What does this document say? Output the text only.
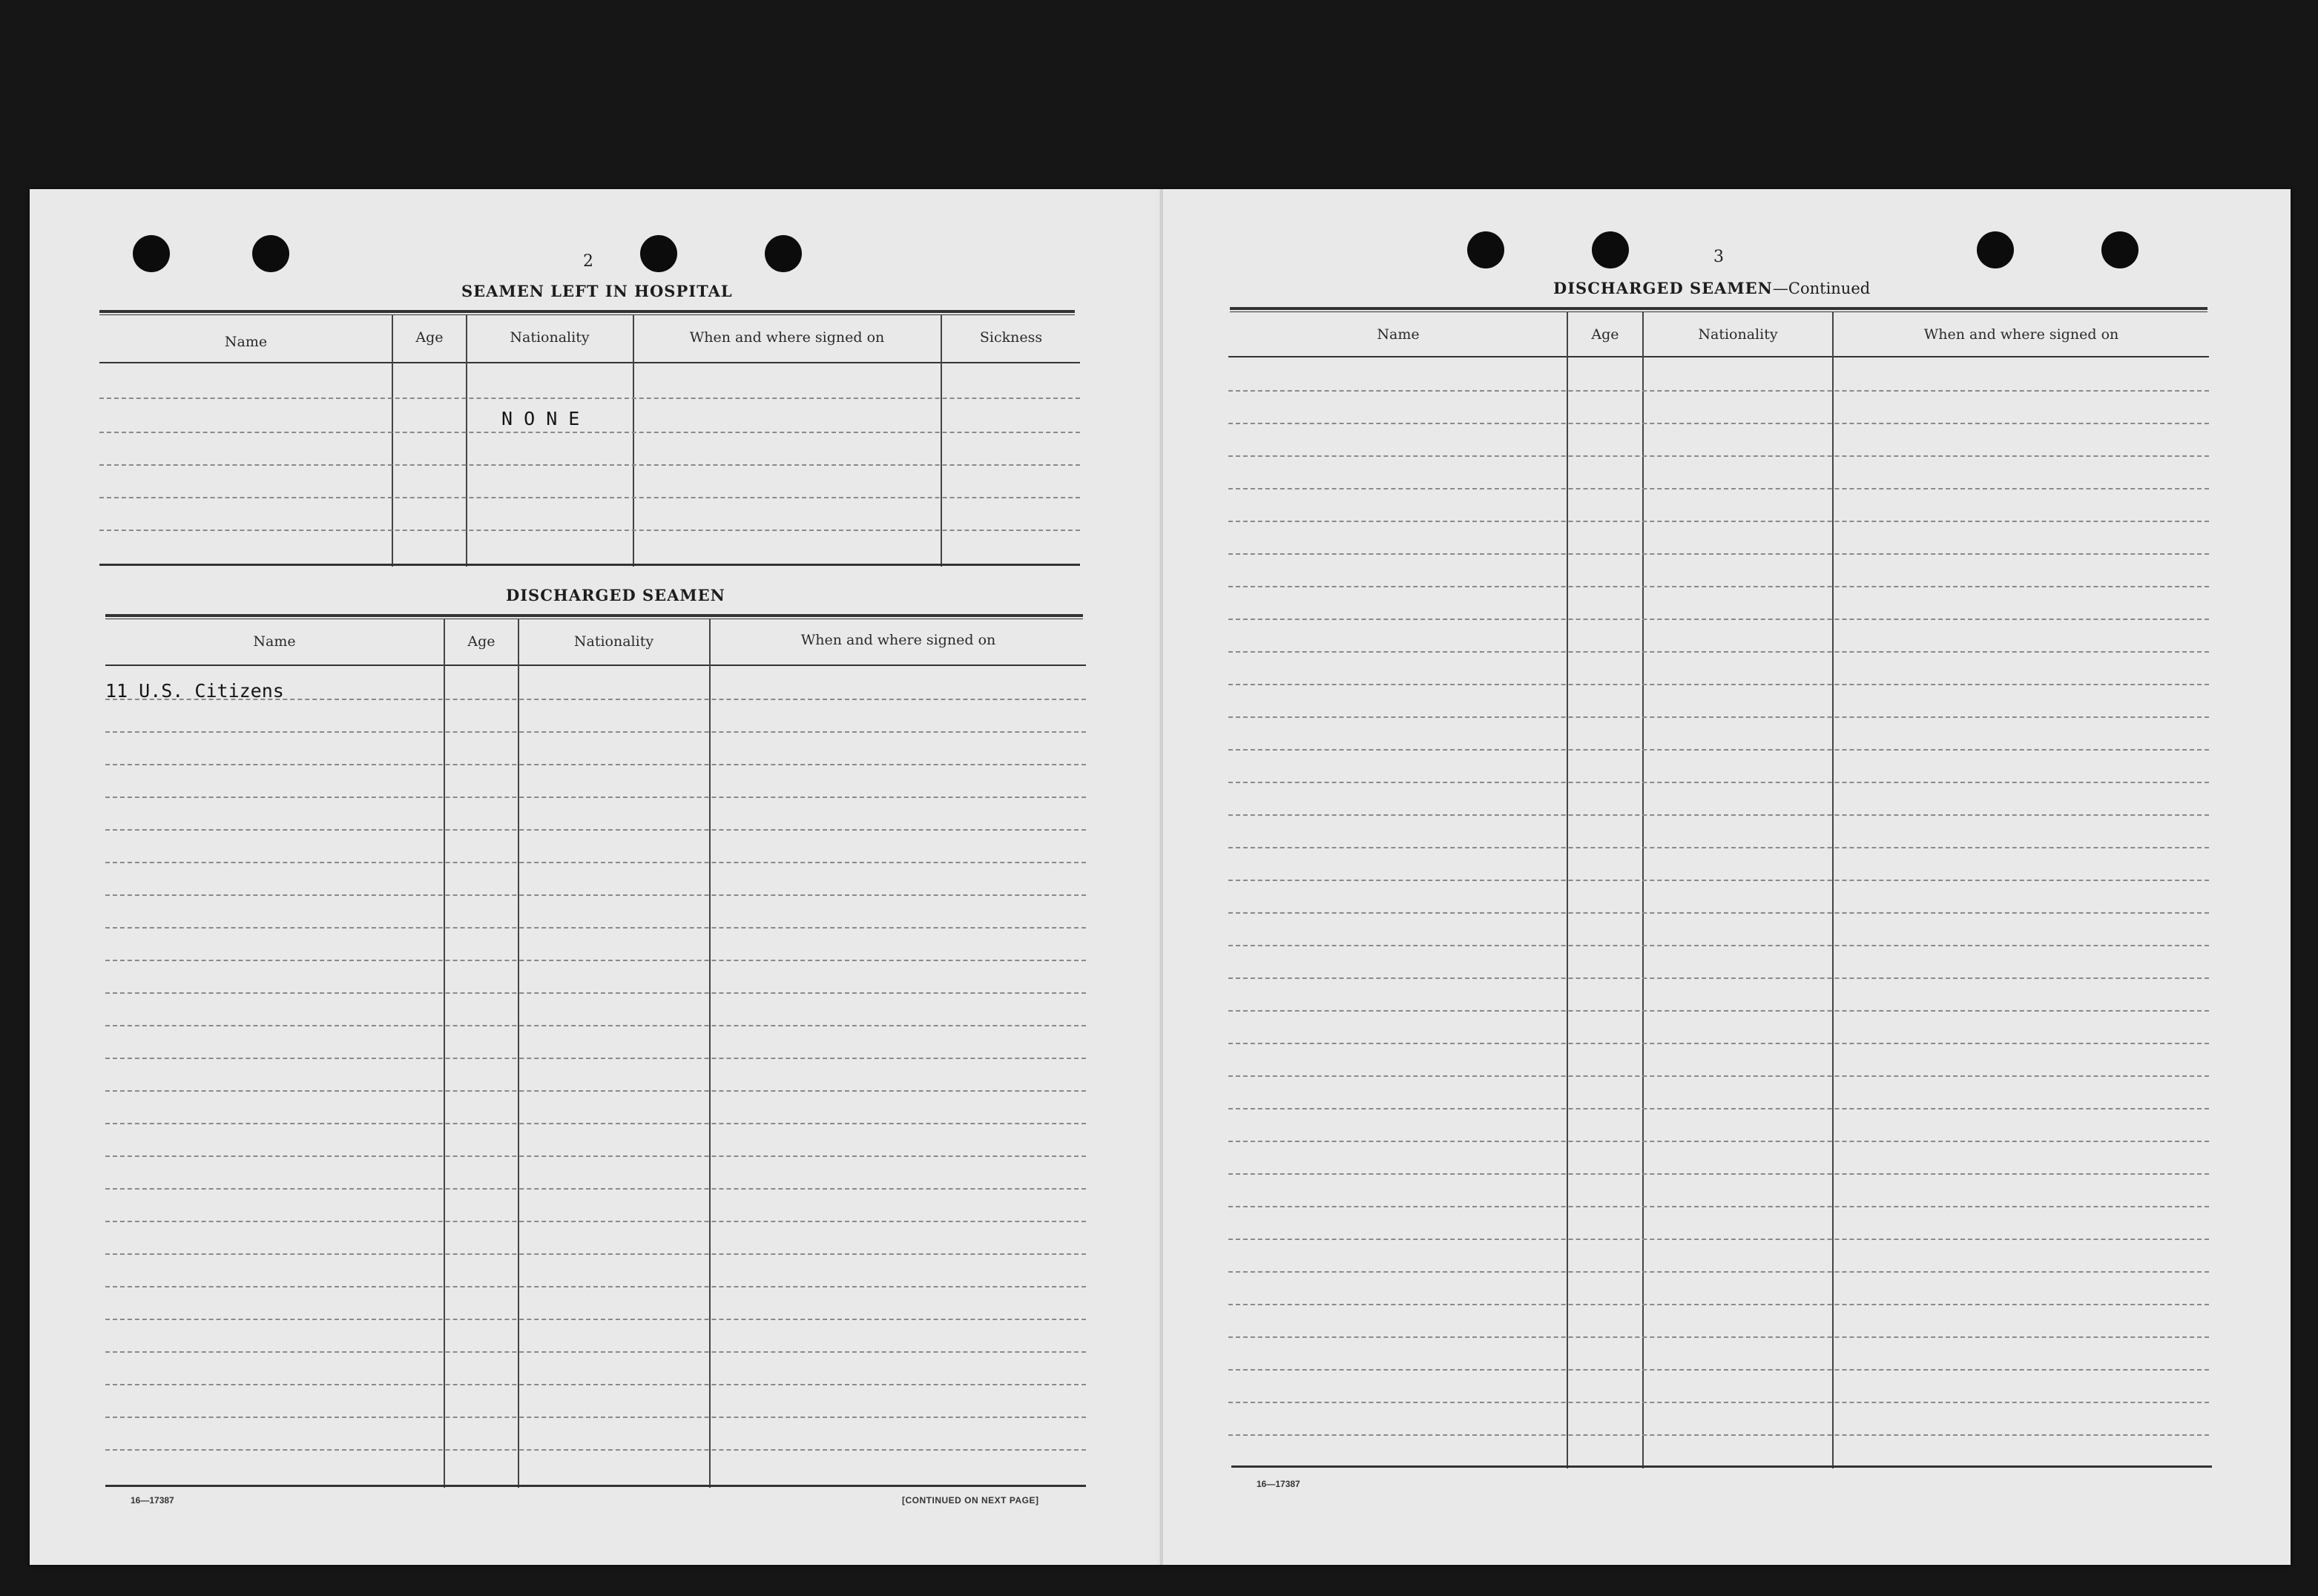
2
SEAMEN LEFT IN HOSPITAL
Name	Age	Nationality	When and where signed on	Sickness
N O N E
DISCHARGED SEAMEN
Name	Age	Nationality	When and where signed on
11 U.S. Citizens
16—17387	[CONTINUED ON NEXT PAGE]
3
DISCHARGED SEAMEN—Continued
Name	Age	Nationality	When and where signed on
16—17387
